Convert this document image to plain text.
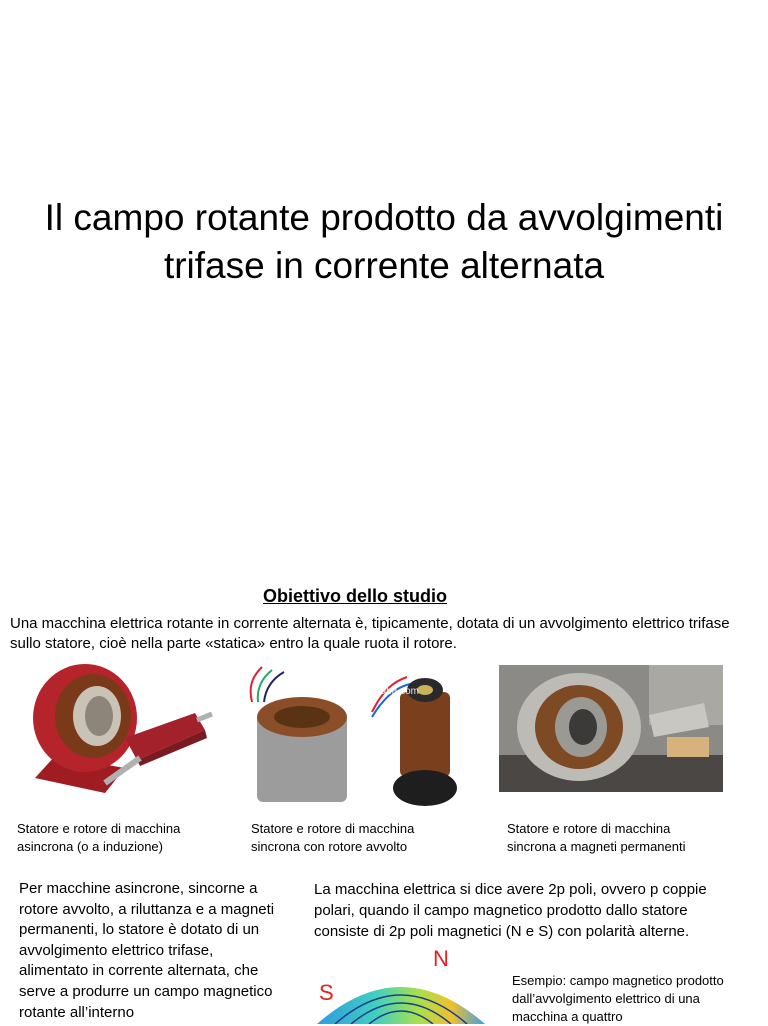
Il campo rotante prodotto da avvolgimenti
trifase in corrente alternata
Obiettivo dello studio

Una macchina elettrica rotante in corrente alternata è, tipicamente, dotata di un avvolgimento elettrico trifase sullo statore, cioè nella parte «statica» entro la quale ruota il rotore.

shangenergyco.en.alibaba.com

Statore e rotore di macchina
asincrona (o a induzione)

Statore e rotore di macchina
sincrona con rotore avvolto

Statore e rotore di macchina
sincrona a magneti permanenti

Per macchine asincrone, sincorne a rotore avvolto, a riluttanza e a magneti permanenti, lo statore è dotato di un avvolgimento elettrico trifase, alimentato in corrente alternata, che serve a produrre un campo magnetico rotante all’interno

La macchina elettrica si dice avere 2p poli, ovvero p coppie polari, quando il campo magnetico prodotto dallo statore consiste di 2p poli magnetici (N e S) con polarità alterne.

N
S	Esempio: campo magnetico prodotto dall’avvolgimento elettrico di una macchina a quattro
